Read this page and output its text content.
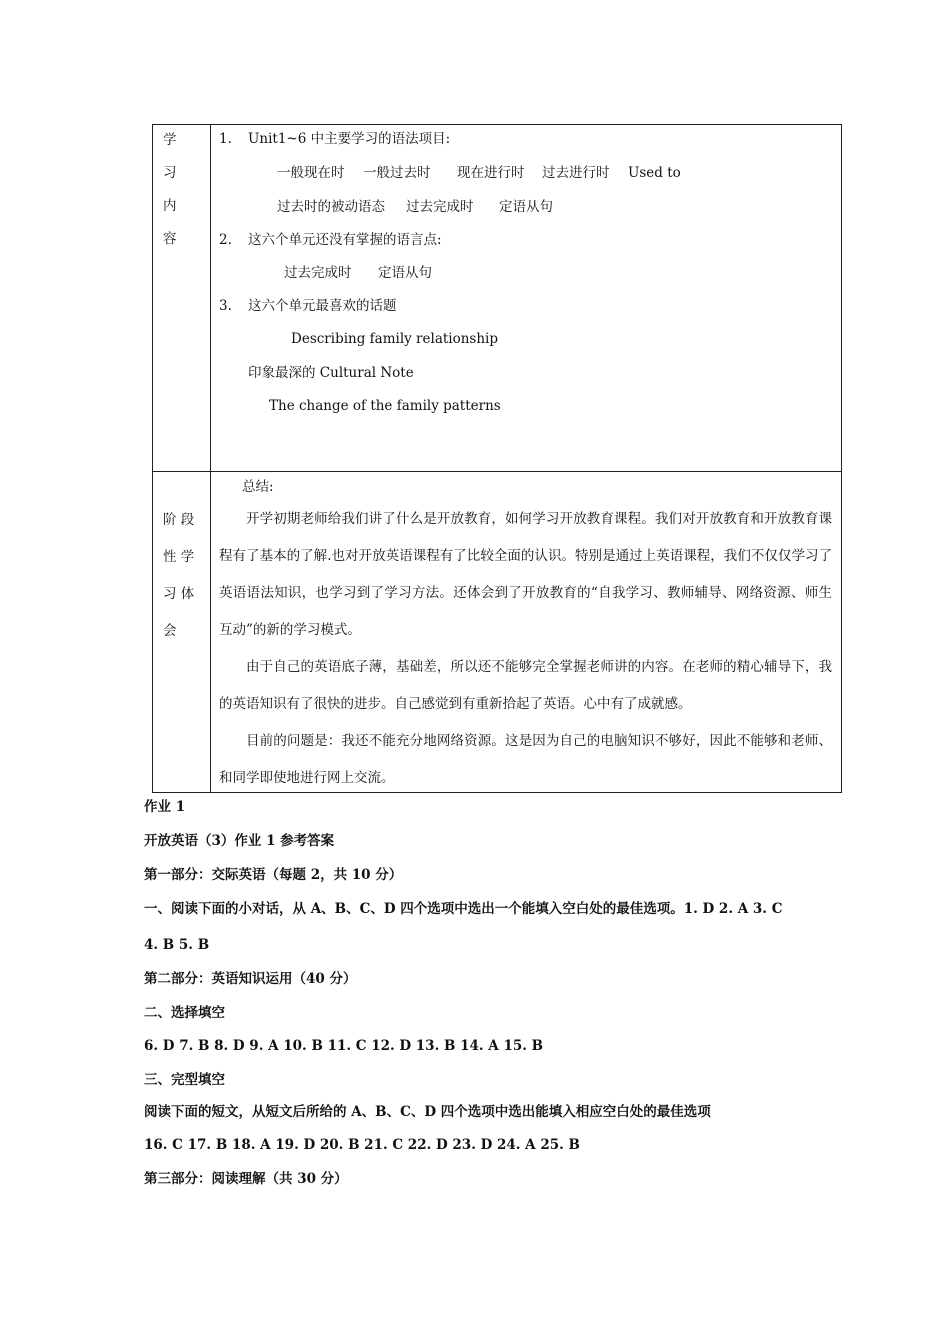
学
习
内
容
1. Unit1~6 中主要学习的语法项目:
一般现在时 一般过去时 现在进行时 过去进行时 Used to
过去时的被动语态 过去完成时 定语从句
2. 这六个单元还没有掌握的语言点:
过去完成时 定语从句
3. 这六个单元最喜欢的话题
Describing family relationship
印象最深的 Cultural Note
The change of the family patterns
阶 段
性 学
习 体
会
总结:

开学初期老师给我们讲了什么是开放教育，如何学习开放教育课程。我们对开放教育和开放教育课程有了基本的了解.也对开放英语课程有了比较全面的认识。特别是通过上英语课程，我们不仅仅学习了英语语法知识，也学习到了学习方法。还体会到了开放教育的“自我学习、教师辅导、网络资源、师生互动”的新的学习模式。

由于自己的英语底子薄，基础差，所以还不能够完全掌握老师讲的内容。在老师的精心辅导下，我的英语知识有了很快的进步。自己感觉到有重新拾起了英语。心中有了成就感。

目前的问题是：我还不能充分地网络资源。这是因为自己的电脑知识不够好，因此不能够和老师、和同学即使地进行网上交流。

作业 1
开放英语（3）作业 1 参考答案
第一部分：交际英语（每题 2，共 10 分）
一、阅读下面的小对话，从 A、B、C、D 四个选项中选出一个能填入空白处的最佳选项。1. D 2. A 3. C
4. B 5. B
第二部分：英语知识运用（40 分）
二、选择填空
6. D 7. B 8. D 9. A 10. B 11. C 12. D 13. B 14. A 15. B
三、完型填空
阅读下面的短文，从短文后所给的 A、B、C、D 四个选项中选出能填入相应空白处的最佳选项
16. C 17. B 18. A 19. D 20. B 21. C 22. D 23. D 24. A 25. B
第三部分：阅读理解（共 30 分）
